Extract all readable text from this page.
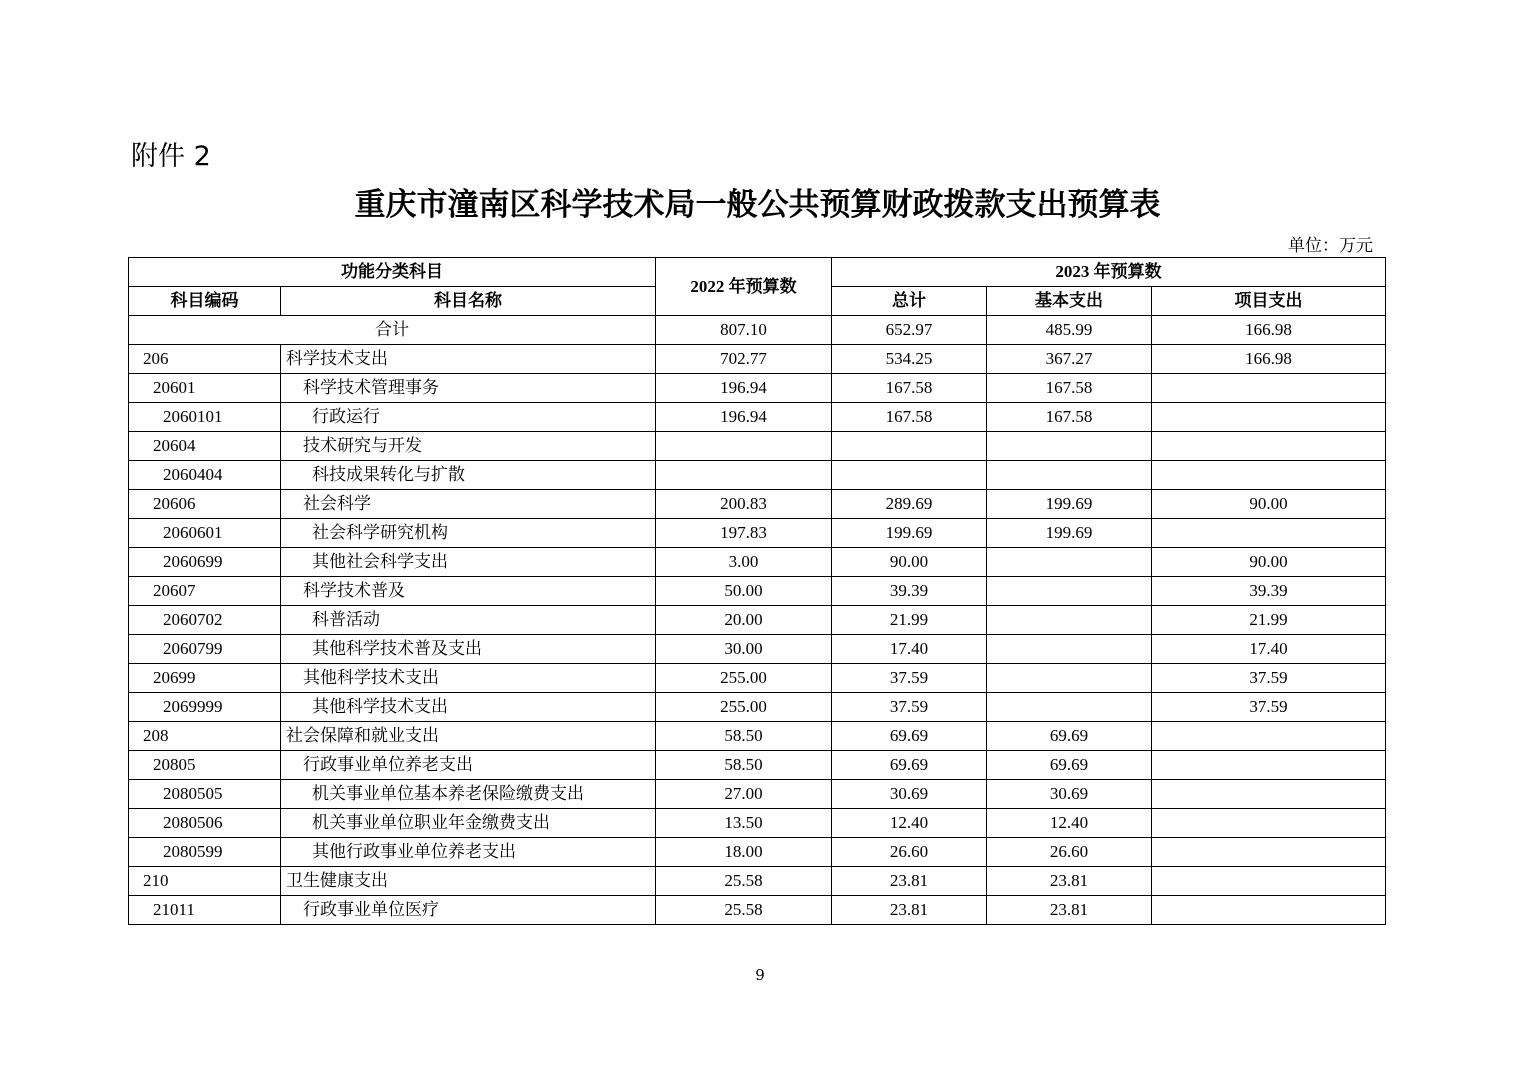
附件 2
重庆市潼南区科学技术局一般公共预算财政拨款支出预算表
单位：万元
功能分类科目		2022 年预算数	2023 年预算数		
科目编码	科目名称		总计	基本支出	项目支出
合计		807.10	652.97	485.99	166.98
206	科学技术支出	702.77	534.25	367.27	166.98
20601	科学技术管理事务	196.94	167.58	167.58	
2060101	行政运行	196.94	167.58	167.58	
20604	技术研究与开发				
2060404	科技成果转化与扩散				
20606	社会科学	200.83	289.69	199.69	90.00
2060601	社会科学研究机构	197.83	199.69	199.69	
2060699	其他社会科学支出	3.00	90.00		90.00
20607	科学技术普及	50.00	39.39		39.39
2060702	科普活动	20.00	21.99		21.99
2060799	其他科学技术普及支出	30.00	17.40		17.40
20699	其他科学技术支出	255.00	37.59		37.59
2069999	其他科学技术支出	255.00	37.59		37.59
208	社会保障和就业支出	58.50	69.69	69.69	
20805	行政事业单位养老支出	58.50	69.69	69.69	
2080505	机关事业单位基本养老保险缴费支出	27.00	30.69	30.69	
2080506	机关事业单位职业年金缴费支出	13.50	12.40	12.40	
2080599	其他行政事业单位养老支出	18.00	26.60	26.60	
210	卫生健康支出	25.58	23.81	23.81	
21011	行政事业单位医疗	25.58	23.81	23.81	
9
